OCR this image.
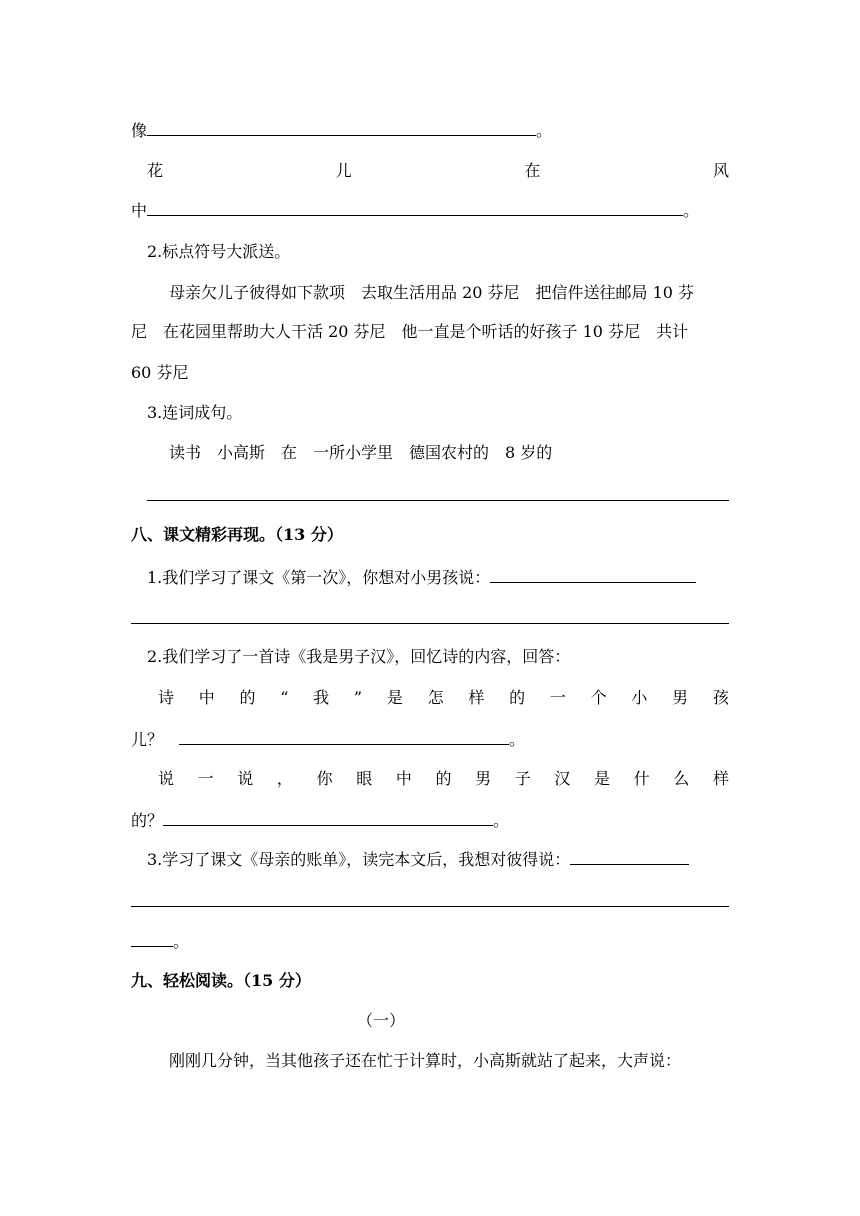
像	。
花	儿	在	风
中	。
2.标点符号大派送。
母亲欠儿子彼得如下款项　去取生活用品 20 芬尼　把信件送往邮局 10 芬
尼　在花园里帮助大人干活 20 芬尼　他一直是个听话的好孩子 10 芬尼　共计
60 芬尼
3.连词成句。
读书　小高斯　在　一所小学里　德国农村的　8 岁的
八、课文精彩再现。（13 分）
1.我们学习了课文《第一次》，你想对小男孩说：
2.我们学习了一首诗《我是男子汉》，回忆诗的内容，回答：
诗 中 的 “ 我 ” 是 怎 样 的 一 个 小 男 孩
儿？	。
说 一 说 ， 你 眼 中 的 男 子 汉 是 什 么 样
的？	。
3.学习了课文《母亲的账单》，读完本文后，我想对彼得说：
。
九、轻松阅读。（15 分）
（一）
刚刚几分钟，当其他孩子还在忙于计算时，小高斯就站了起来，大声说：
